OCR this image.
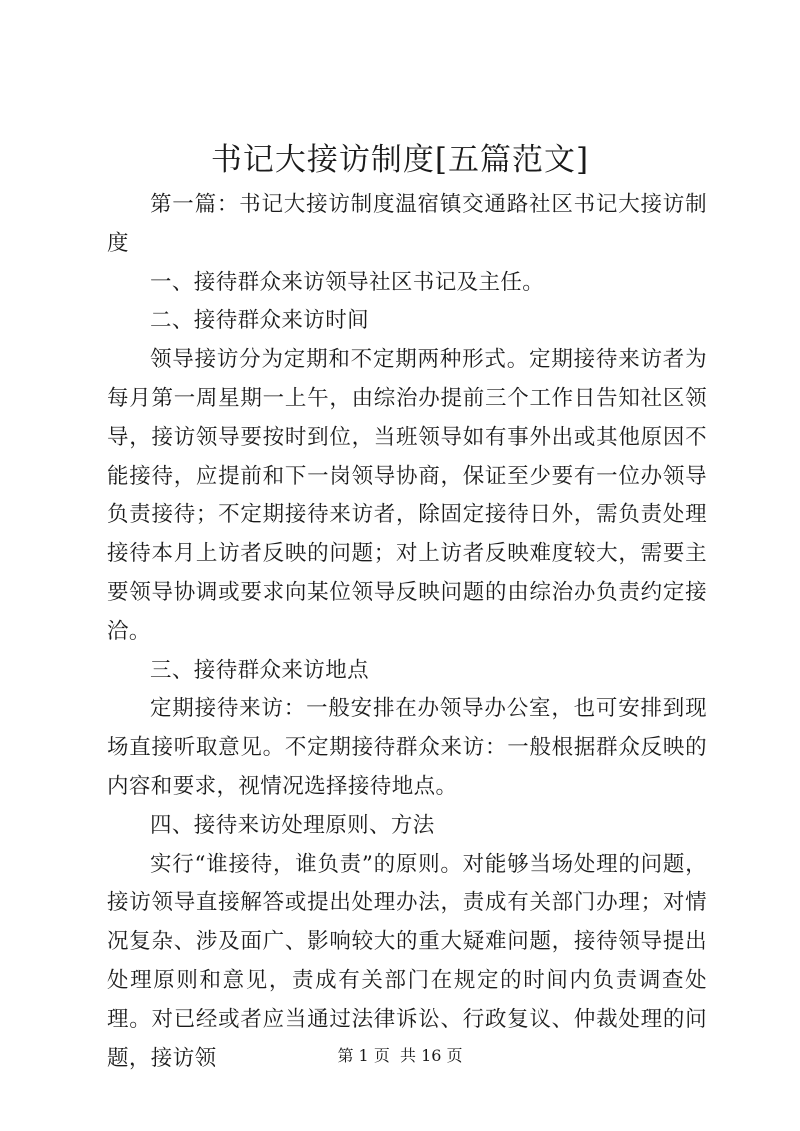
书记大接访制度[五篇范文]

第一篇：书记大接访制度温宿镇交通路社区书记大接访制度

一、接待群众来访领导社区书记及主任。

二、接待群众来访时间

领导接访分为定期和不定期两种形式。定期接待来访者为每月第一周星期一上午，由综治办提前三个工作日告知社区领导，接访领导要按时到位，当班领导如有事外出或其他原因不能接待，应提前和下一岗领导协商，保证至少要有一位办领导负责接待；不定期接待来访者，除固定接待日外，需负责处理接待本月上访者反映的问题；对上访者反映难度较大，需要主要领导协调或要求向某位领导反映问题的由综治办负责约定接洽。

三、接待群众来访地点

定期接待来访：一般安排在办领导办公室，也可安排到现场直接听取意见。不定期接待群众来访：一般根据群众反映的内容和要求，视情况选择接待地点。

四、接待来访处理原则、方法

实行“谁接待，谁负责”的原则。对能够当场处理的问题，接访领导直接解答或提出处理办法，责成有关部门办理；对情况复杂、涉及面广、影响较大的重大疑难问题，接待领导提出处理原则和意见，责成有关部门在规定的时间内负责调查处理。对已经或者应当通过法律诉讼、行政复议、仲裁处理的问题，接访领	第 1 页  共 16 页
